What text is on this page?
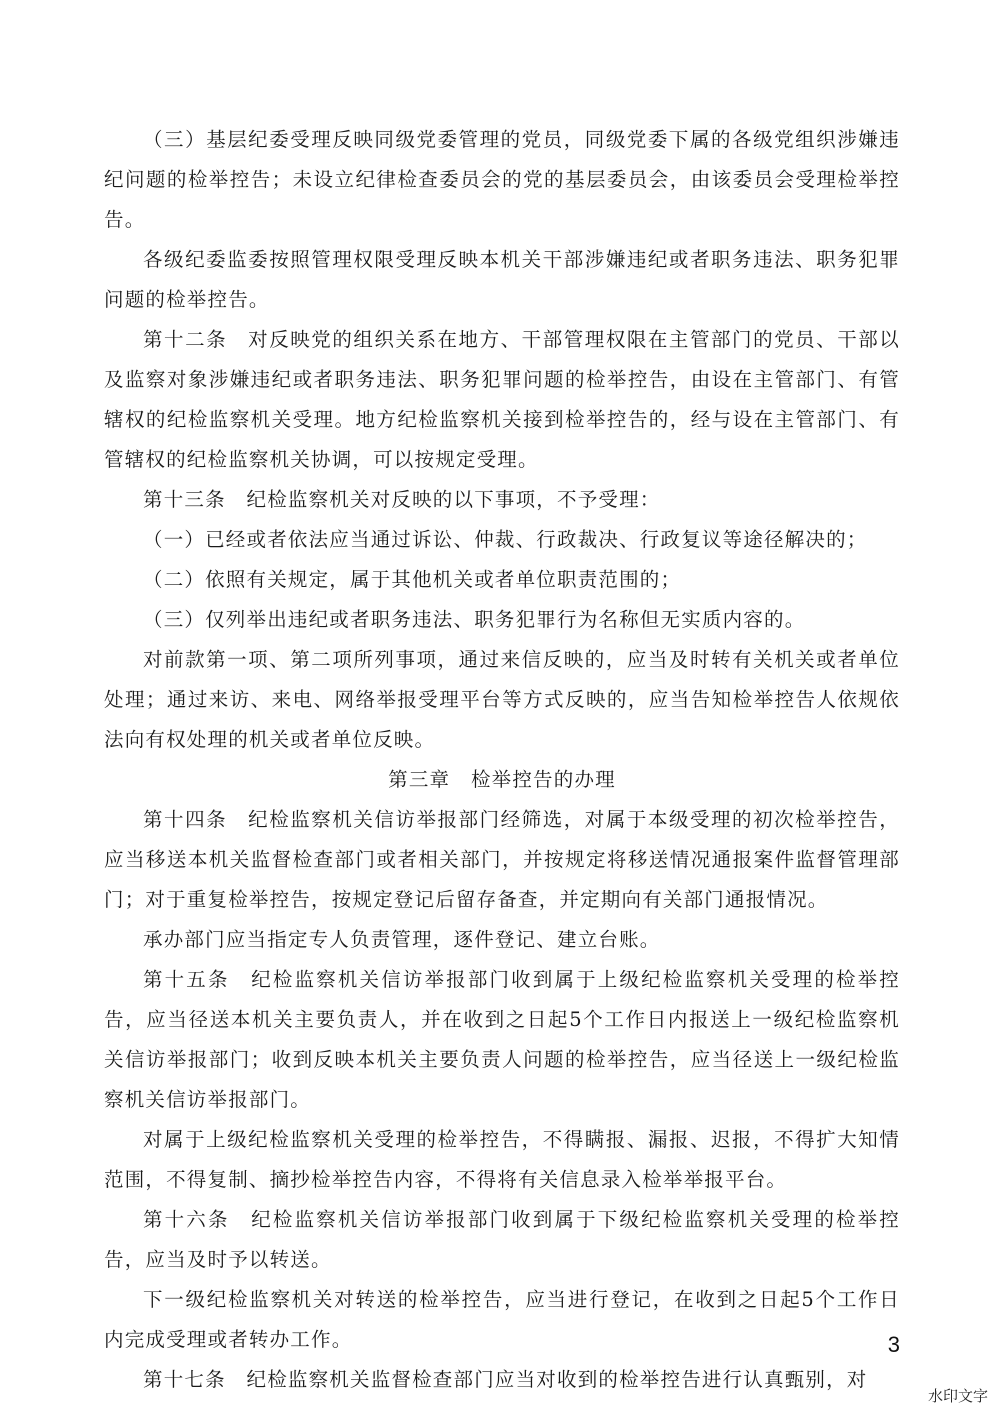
（三）基层纪委受理反映同级党委管理的党员，同级党委下属的各级党组织涉嫌违纪问题的检举控告；未设立纪律检查委员会的党的基层委员会，由该委员会受理检举控告。

各级纪委监委按照管理权限受理反映本机关干部涉嫌违纪或者职务违法、职务犯罪问题的检举控告。

第十二条　对反映党的组织关系在地方、干部管理权限在主管部门的党员、干部以及监察对象涉嫌违纪或者职务违法、职务犯罪问题的检举控告，由设在主管部门、有管辖权的纪检监察机关受理。地方纪检监察机关接到检举控告的，经与设在主管部门、有管辖权的纪检监察机关协调，可以按规定受理。

第十三条　纪检监察机关对反映的以下事项，不予受理：

（一）已经或者依法应当通过诉讼、仲裁、行政裁决、行政复议等途径解决的；

（二）依照有关规定，属于其他机关或者单位职责范围的；

（三）仅列举出违纪或者职务违法、职务犯罪行为名称但无实质内容的。

对前款第一项、第二项所列事项，通过来信反映的，应当及时转有关机关或者单位处理；通过来访、来电、网络举报受理平台等方式反映的，应当告知检举控告人依规依法向有权处理的机关或者单位反映。

第三章　检举控告的办理

第十四条　纪检监察机关信访举报部门经筛选，对属于本级受理的初次检举控告，应当移送本机关监督检查部门或者相关部门，并按规定将移送情况通报案件监督管理部门；对于重复检举控告，按规定登记后留存备查，并定期向有关部门通报情况。

承办部门应当指定专人负责管理，逐件登记、建立台账。

第十五条　纪检监察机关信访举报部门收到属于上级纪检监察机关受理的检举控告，应当径送本机关主要负责人，并在收到之日起5个工作日内报送上一级纪检监察机关信访举报部门；收到反映本机关主要负责人问题的检举控告，应当径送上一级纪检监察机关信访举报部门。

对属于上级纪检监察机关受理的检举控告，不得瞒报、漏报、迟报，不得扩大知情范围，不得复制、摘抄检举控告内容，不得将有关信息录入检举举报平台。

第十六条　纪检监察机关信访举报部门收到属于下级纪检监察机关受理的检举控告，应当及时予以转送。

下一级纪检监察机关对转送的检举控告，应当进行登记，在收到之日起5个工作日内完成受理或者转办工作。

第十七条　纪检监察机关监督检查部门应当对收到的检举控告进行认真甄别，对

3
水印文字
